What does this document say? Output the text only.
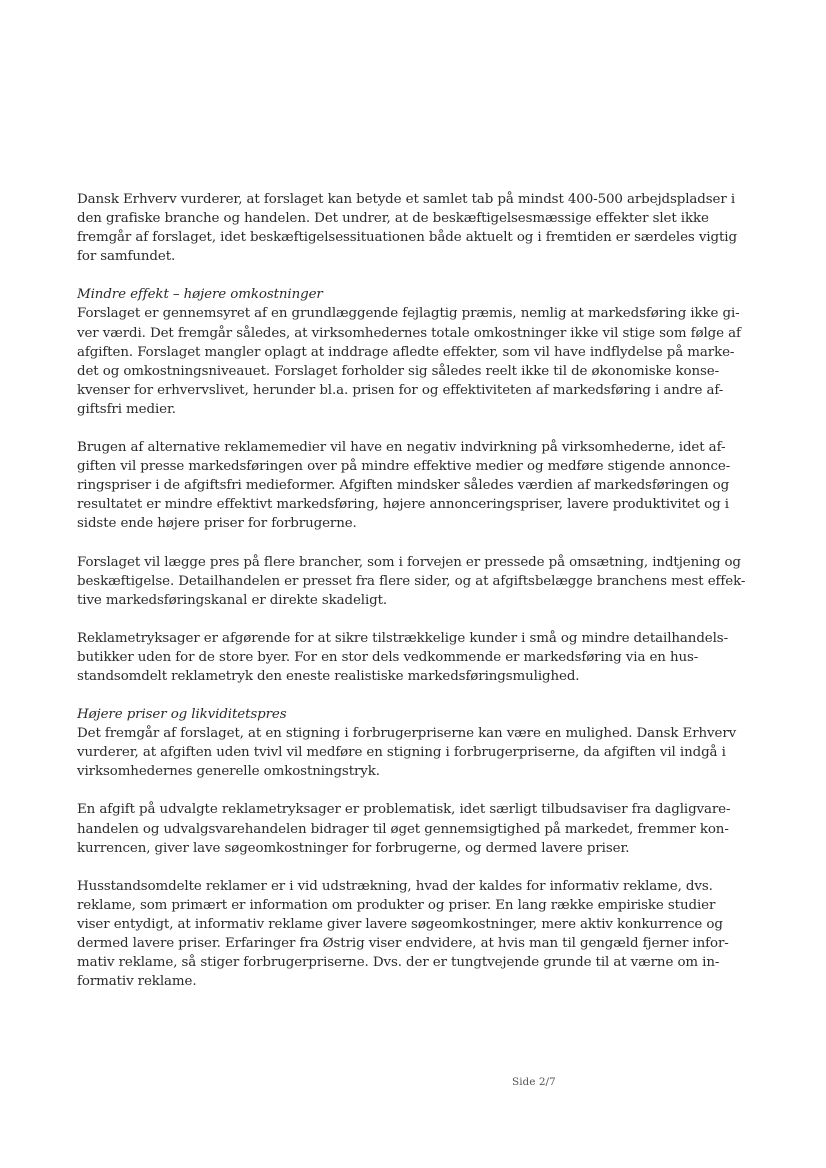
Dansk Erhverv vurderer, at forslaget kan betyde et samlet tab på mindst 400-500 arbejdspladser i
den grafiske branche og handelen. Det undrer, at de beskæftigelsesmæssige effekter slet ikke
fremgår af forslaget, idet beskæftigelsessituationen både aktuelt og i fremtiden er særdeles vigtig
for samfundet.
Mindre effekt – højere omkostninger
Forslaget er gennemsyret af en grundlæggende fejlagtig præmis, nemlig at markedsføring ikke gi-
ver værdi. Det fremgår således, at virksomhedernes totale omkostninger ikke vil stige som følge af
afgiften. Forslaget mangler oplagt at inddrage afledte effekter, som vil have indflydelse på marke-
det og omkostningsniveauet. Forslaget forholder sig således reelt ikke til de økonomiske konse-
kvenser for erhvervslivet, herunder bl.a. prisen for og effektiviteten af markedsføring i andre af-
giftsfri medier.
Brugen af alternative reklamemedier vil have en negativ indvirkning på virksomhederne, idet af-
giften vil presse markedsføringen over på mindre effektive medier og medføre stigende annonce-
ringspriser i de afgiftsfri medieformer. Afgiften mindsker således værdien af markedsføringen og
resultatet er mindre effektivt markedsføring, højere annonceringspriser, lavere produktivitet og i
sidste ende højere priser for forbrugerne.
Forslaget vil lægge pres på flere brancher, som i forvejen er pressede på omsætning, indtjening og
beskæftigelse. Detailhandelen er presset fra flere sider, og at afgiftsbelægge branchens mest effek-
tive markedsføringskanal er direkte skadeligt.
Reklametryksager er afgørende for at sikre tilstrækkelige kunder i små og mindre detailhandels-
butikker uden for de store byer. For en stor dels vedkommende er markedsføring via en hus-
standsomdelt reklametryk den eneste realistiske markedsføringsmulighed.
Højere priser og likviditetspres
Det fremgår af forslaget, at en stigning i forbrugerpriserne kan være en mulighed. Dansk Erhverv
vurderer, at afgiften uden tvivl vil medføre en stigning i forbrugerpriserne, da afgiften vil indgå i
virksomhedernes generelle omkostningstryk.
En afgift på udvalgte reklametryksager er problematisk, idet særligt tilbudsaviser fra dagligvare-
handelen og udvalgsvarehandelen bidrager til øget gennemsigtighed på markedet, fremmer kon-
kurrencen, giver lave søgeomkostninger for forbrugerne, og dermed lavere priser.
Husstandsomdelte reklamer er i vid udstrækning, hvad der kaldes for informativ reklame, dvs.
reklame, som primært er information om produkter og priser. En lang række empiriske studier
viser entydigt, at informativ reklame giver lavere søgeomkostninger, mere aktiv konkurrence og
dermed lavere priser. Erfaringer fra Østrig viser endvidere, at hvis man til gengæld fjerner infor-
mativ reklame, så stiger forbrugerpriserne. Dvs. der er tungtvejende grunde til at værne om in-
formativ reklame.
Side 2/7
